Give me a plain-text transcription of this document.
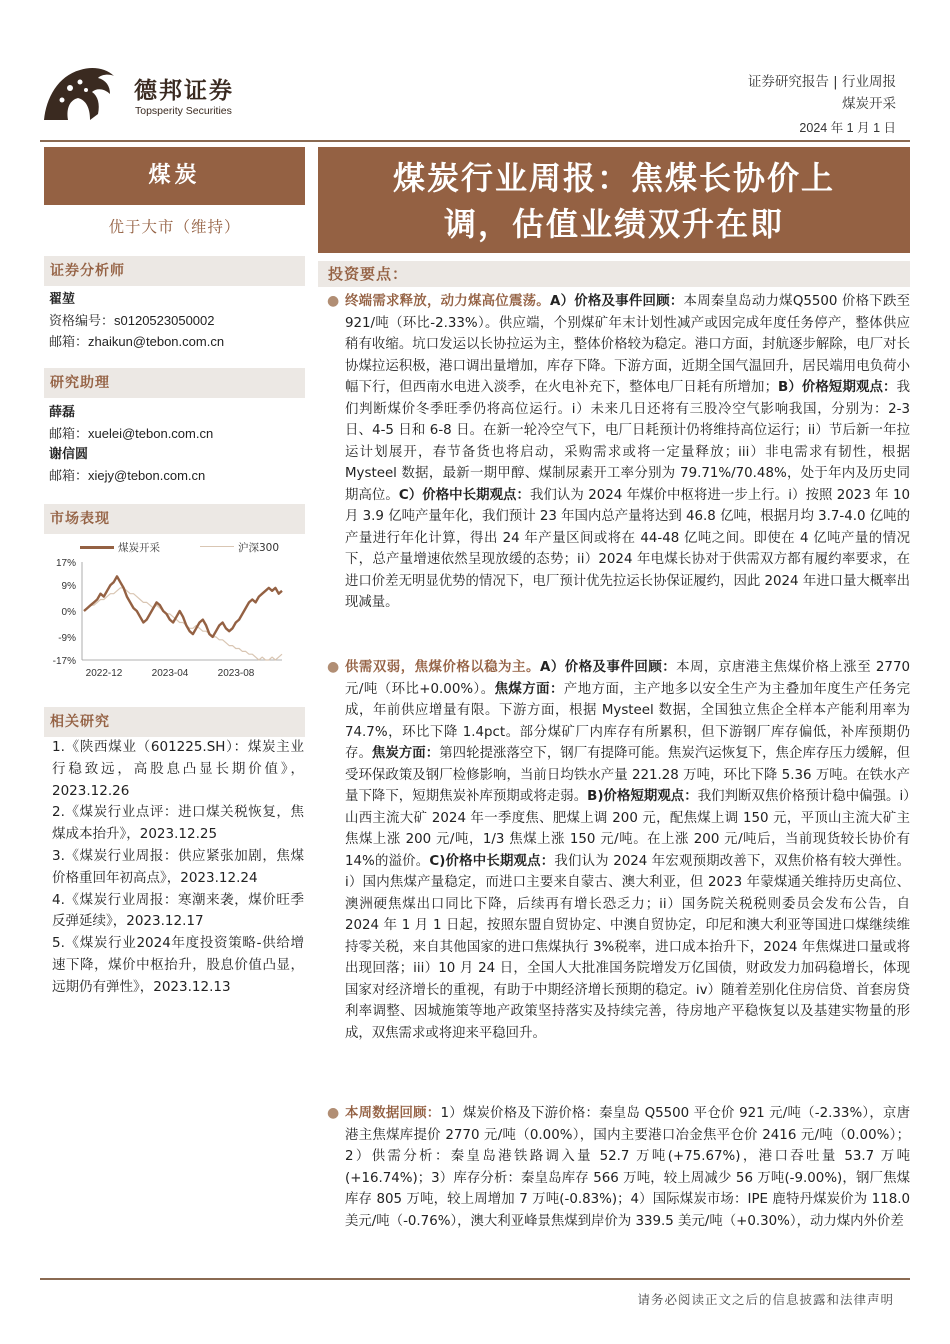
德邦证券
Topsperity Securities
证券研究报告 | 行业周报
煤炭开采
2024 年 1 月 1 日
煤炭
优于大市（维持）
煤炭行业周报：焦煤长协价上
调，估值业绩双升在即
证券分析师
翟堃
资格编号：s0120523050002
邮箱：zhaikun@tebon.com.cn
研究助理
薛磊
邮箱：xuelei@tebon.com.cn
谢信圆
邮箱：xiejy@tebon.com.cn
市场表现
煤炭开采	沪深300
17%
9%
0%
-9%
-17%
2022-12	2023-04	2023-08
相关研究
1.《陕西煤业（601225.SH）：煤炭主业行稳致远，高股息凸显长期价值》，2023.12.26
2.《煤炭行业点评：进口煤关税恢复，焦煤成本抬升》，2023.12.25
3.《煤炭行业周报：供应紧张加剧，焦煤价格重回年初高点》，2023.12.24
4.《煤炭行业周报：寒潮来袭，煤价旺季反弹延续》，2023.12.17
5.《煤炭行业2024年度投资策略-供给增速下降，煤价中枢抬升，股息价值凸显，远期仍有弹性》，2023.12.13
投资要点：
● 终端需求释放，动力煤高位震荡。A）价格及事件回顾：本周秦皇岛动力煤Q5500 价格下跌至 921/吨（环比-2.33%）。供应端，个别煤矿年末计划性减产或因完成年度任务停产，整体供应稍有收缩。坑口发运以长协拉运为主，整体价格较为稳定。港口方面，封航逐步解除，电厂对长协煤拉运积极，港口调出量增加，库存下降。下游方面，近期全国气温回升，居民端用电负荷小幅下行，但西南水电进入淡季，在火电补充下，整体电厂日耗有所增加；B）价格短期观点：我们判断煤价冬季旺季仍将高位运行。i）未来几日还将有三股冷空气影响我国，分别为：2-3 日、4-5 日和 6-8 日。在新一轮冷空气下，电厂日耗预计仍将维持高位运行；ii）节后新一年拉运计划展开，春节备货也将启动，采购需求或将一定量释放；iii）非电需求有韧性，根据 Mysteel 数据，最新一期甲醇、煤制尿素开工率分别为 79.71%/70.48%，处于年内及历史同期高位。C）价格中长期观点：我们认为 2024 年煤价中枢将进一步上行。i）按照 2023 年 10 月 3.9 亿吨产量年化，我们预计 23 年国内总产量将达到 46.8 亿吨，根据月均 3.7-4.0 亿吨的产量进行年化计算，得出 24 年产量区间或将在 44-48 亿吨之间。即使在 4 亿吨产量的情况下，总产量增速依然呈现放缓的态势；ii）2024 年电煤长协对于供需双方都有履约率要求，在进口价差无明显优势的情况下，电厂预计优先拉运长协保证履约，因此 2024 年进口量大概率出现减量。
● 供需双弱，焦煤价格以稳为主。A）价格及事件回顾：本周，京唐港主焦煤价格上涨至 2770 元/吨（环比+0.00%）。焦煤方面：产地方面，主产地多以安全生产为主叠加年度生产任务完成，年前供应增量有限。下游方面，根据 Mysteel 数据，全国独立焦企全样本产能利用率为 74.7%，环比下降 1.4pct。部分煤矿厂内库存有所累积，但下游钢厂库存偏低，补库预期仍存。焦炭方面：第四轮提涨落空下，钢厂有提降可能。焦炭汽运恢复下，焦企库存压力缓解，但受环保政策及钢厂检修影响，当前日均铁水产量 221.28 万吨，环比下降 5.36 万吨。在铁水产量下降下，短期焦炭补库预期或将走弱。B)价格短期观点：我们判断双焦价格预计稳中偏强。i）山西主流大矿 2024 年一季度焦、肥煤上调 200 元，配焦煤上调 150 元，平顶山主流大矿主焦煤上涨 200 元/吨，1/3 焦煤上涨 150 元/吨。在上涨 200 元/吨后，当前现货较长协价有 14%的溢价。C)价格中长期观点：我们认为 2024 年宏观预期改善下，双焦价格有较大弹性。i）国内焦煤产量稳定，而进口主要来自蒙古、澳大利亚，但 2023 年蒙煤通关维持历史高位、澳洲硬焦煤出口同比下降，后续再有增长恐乏力；ii）国务院关税税则委员会发布公告，自 2024 年 1 月 1 日起，按照东盟自贸协定、中澳自贸协定，印尼和澳大利亚等国进口煤继续维持零关税，来自其他国家的进口焦煤执行 3%税率，进口成本抬升下，2024 年焦煤进口量或将出现回落；iii）10 月 24 日，全国人大批准国务院增发万亿国债，财政发力加码稳增长，体现国家对经济增长的重视，有助于中期经济增长预期的稳定。iv）随着差别化住房信贷、首套房贷利率调整、因城施策等地产政策坚持落实及持续完善，待房地产平稳恢复以及基建实物量的形成，双焦需求或将迎来平稳回升。
● 本周数据回顾：1）煤炭价格及下游价格：秦皇岛 Q5500 平仓价 921 元/吨（-2.33%），京唐港主焦煤库提价 2770 元/吨（0.00%），国内主要港口冶金焦平仓价 2416 元/吨（0.00%）；2）供需分析：秦皇岛港铁路调入量 52.7 万吨(+75.67%)，港口吞吐量 53.7 万吨(+16.74%)；3）库存分析：秦皇岛库存 566 万吨，较上周减少 56 万吨(-9.00%)，钢厂焦煤库存 805 万吨，较上周增加 7 万吨(-0.83%)；4）国际煤炭市场：IPE 鹿特丹煤炭价为 118.0 美元/吨（-0.76%），澳大利亚峰景焦煤到岸价为 339.5 美元/吨（+0.30%），动力煤内外价差
请务必阅读正文之后的信息披露和法律声明
